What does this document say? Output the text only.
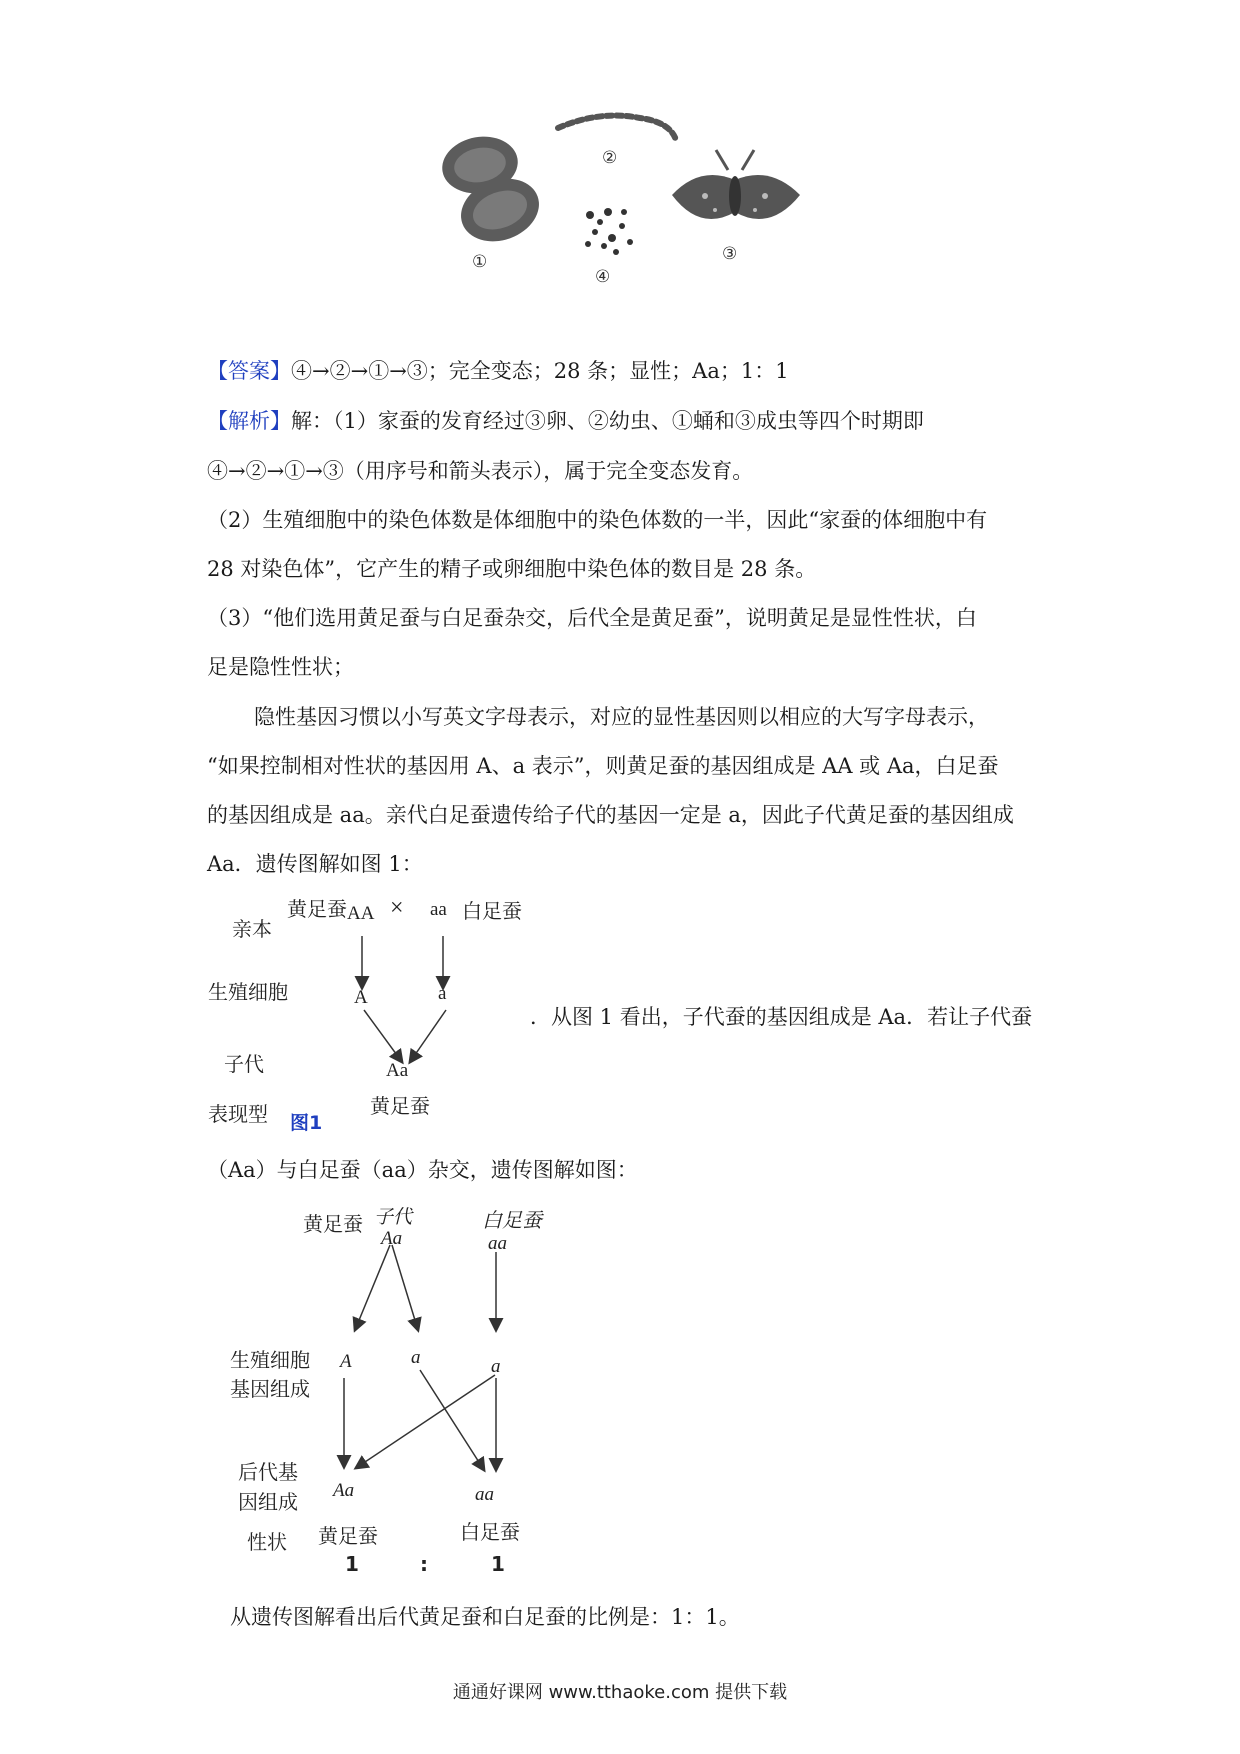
①
②
③
④
【答案】④→②→①→③；完全变态；28 条；显性；Aa；1：1
【解析】解：（1）家蚕的发育经过③卵、②幼虫、①蛹和③成虫等四个时期即
④→②→①→③（用序号和箭头表示），属于完全变态发育。
（2）生殖细胞中的染色体数是体细胞中的染色体数的一半，因此“家蚕的体细胞中有
28 对染色体”，它产生的精子或卵细胞中染色体的数目是 28 条。
（3）“他们选用黄足蚕与白足蚕杂交，后代全是黄足蚕”，说明黄足是显性性状，白
足是隐性性状；
隐性基因习惯以小写英文字母表示，对应的显性基因则以相应的大写字母表示，
“如果控制相对性状的基因用 A、a 表示”，则黄足蚕的基因组成是 AA 或 Aa，白足蚕
的基因组成是 aa。亲代白足蚕遗传给子代的基因一定是 a，因此子代黄足蚕的基因组成
Aa．遗传图解如图 1：
亲本
黄足蚕 AA × aa 白足蚕
生殖细胞	A	a
子代	Aa
表现型 图1
黄足蚕
．从图 1 看出，子代蚕的基因组成是 Aa．若让子代蚕
（Aa）与白足蚕（aa）杂交，遗传图解如图：
黄足蚕 子代
Aa
白足蚕
aa
生殖细胞
基因组成
A	a	a
后代基
因组成 Aa	aa
性状 黄足蚕	白足蚕
1	:	1
从遗传图解看出后代黄足蚕和白足蚕的比例是：1：1。
通通好课网 www.tthaoke.com 提供下载
